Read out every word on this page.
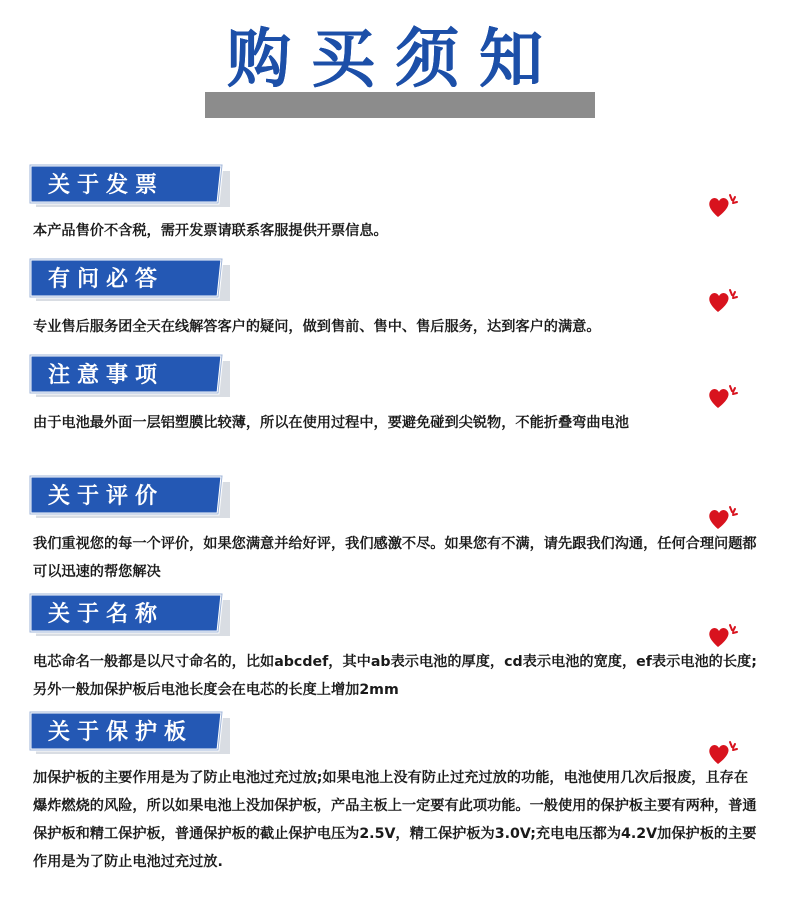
购买须知
关于发票
本产品售价不含税，需开发票请联系客服提供开票信息。
有问必答
专业售后服务团全天在线解答客户的疑问，做到售前、售中、售后服务，达到客户的满意。
注意事项
由于电池最外面一层铝塑膜比较薄，所以在使用过程中，要避免碰到尖锐物，不能折叠弯曲电池
关于评价
我们重视您的每一个评价，如果您满意并给好评，我们感激不尽。如果您有不满，请先跟我们沟通，任何合理问题都可以迅速的帮您解决
关于名称
电芯命名一般都是以尺寸命名的，比如abcdef，其中ab表示电池的厚度，cd表示电池的宽度，ef表示电池的长度;另外一般加保护板后电池长度会在电芯的长度上增加2mm
关于保护板
加保护板的主要作用是为了防止电池过充过放;如果电池上没有防止过充过放的功能，电池使用几次后报废，且存在爆炸燃烧的风险，所以如果电池上没加保护板，产品主板上一定要有此项功能。一般使用的保护板主要有两种，普通保护板和精工保护板，普通保护板的截止保护电压为2.5V，精工保护板为3.0V;充电电压都为4.2V加保护板的主要作用是为了防止电池过充过放.
